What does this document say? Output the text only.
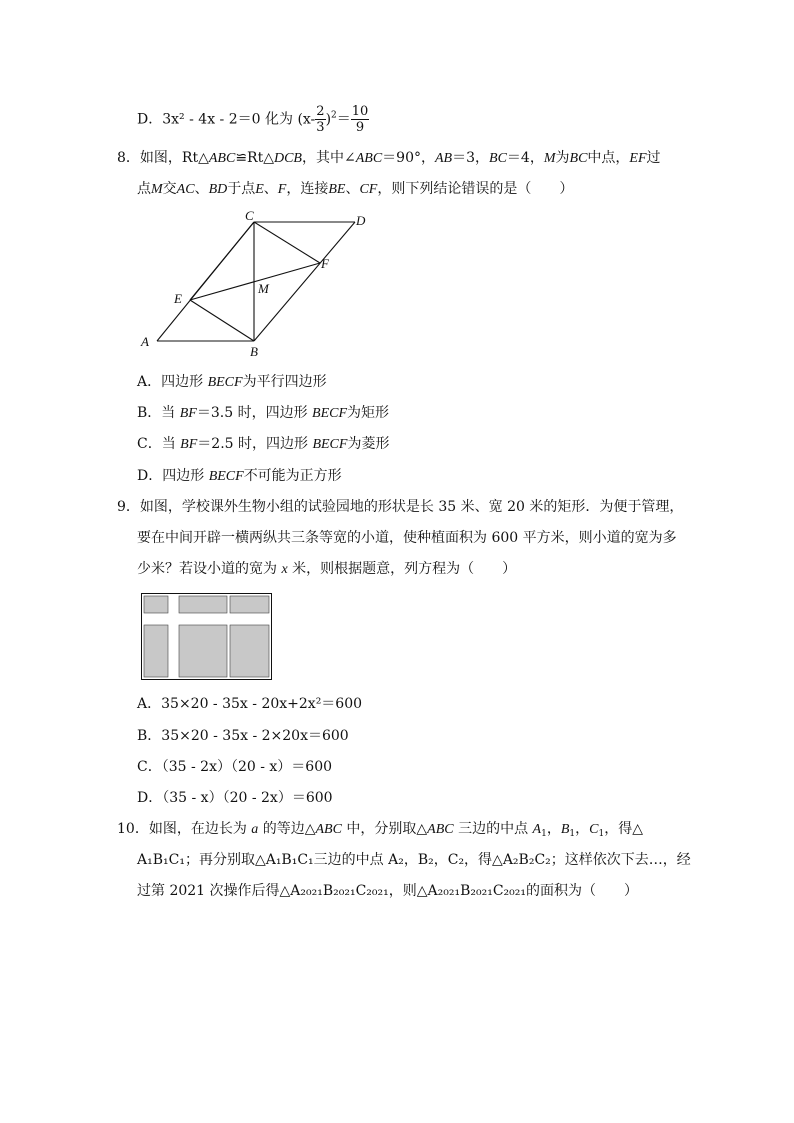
D．3x² - 4x - 2＝0 化为 $(x- \frac{2}{3} )^2= \frac{10}{9}$
8．如图，Rt△ABC≌Rt△DCB，其中∠ABC＝90°，AB＝3，BC＝4，M为BC中点，EF过
点M交AC、BD于点E、F，连接BE、CF，则下列结论错误的是（　　）
A
B
C	D
E
F
M
A．四边形 BECF为平行四边形
B．当 BF＝3.5 时，四边形 BECF为矩形
C．当 BF＝2.5 时，四边形 BECF为菱形
D．四边形 BECF不可能为正方形
9．如图，学校课外生物小组的试验园地的形状是长 35 米、宽 20 米的矩形．为便于管理，
要在中间开辟一横两纵共三条等宽的小道，使种植面积为 600 平方米，则小道的宽为多
少米？若设小道的宽为 x 米，则根据题意，列方程为（　　）
A．35×20 - 35x - 20x+2x²＝600
B．35×20 - 35x - 2×20x＝600
C．（35 - 2x）（20 - x）＝600
D．（35 - x）（20 - 2x）＝600
10．如图，在边长为 a 的等边△ABC 中，分别取△ABC 三边的中点 $A_1$，$B_1$，$C_1$，得△
A₁B₁C₁；再分别取△A₁B₁C₁三边的中点 A₂，B₂，C₂，得△A₂B₂C₂；这样依次下去…，经
过第 2021 次操作后得△A₂₀₂₁B₂₀₂₁C₂₀₂₁，则△A₂₀₂₁B₂₀₂₁C₂₀₂₁的面积为（　　）
